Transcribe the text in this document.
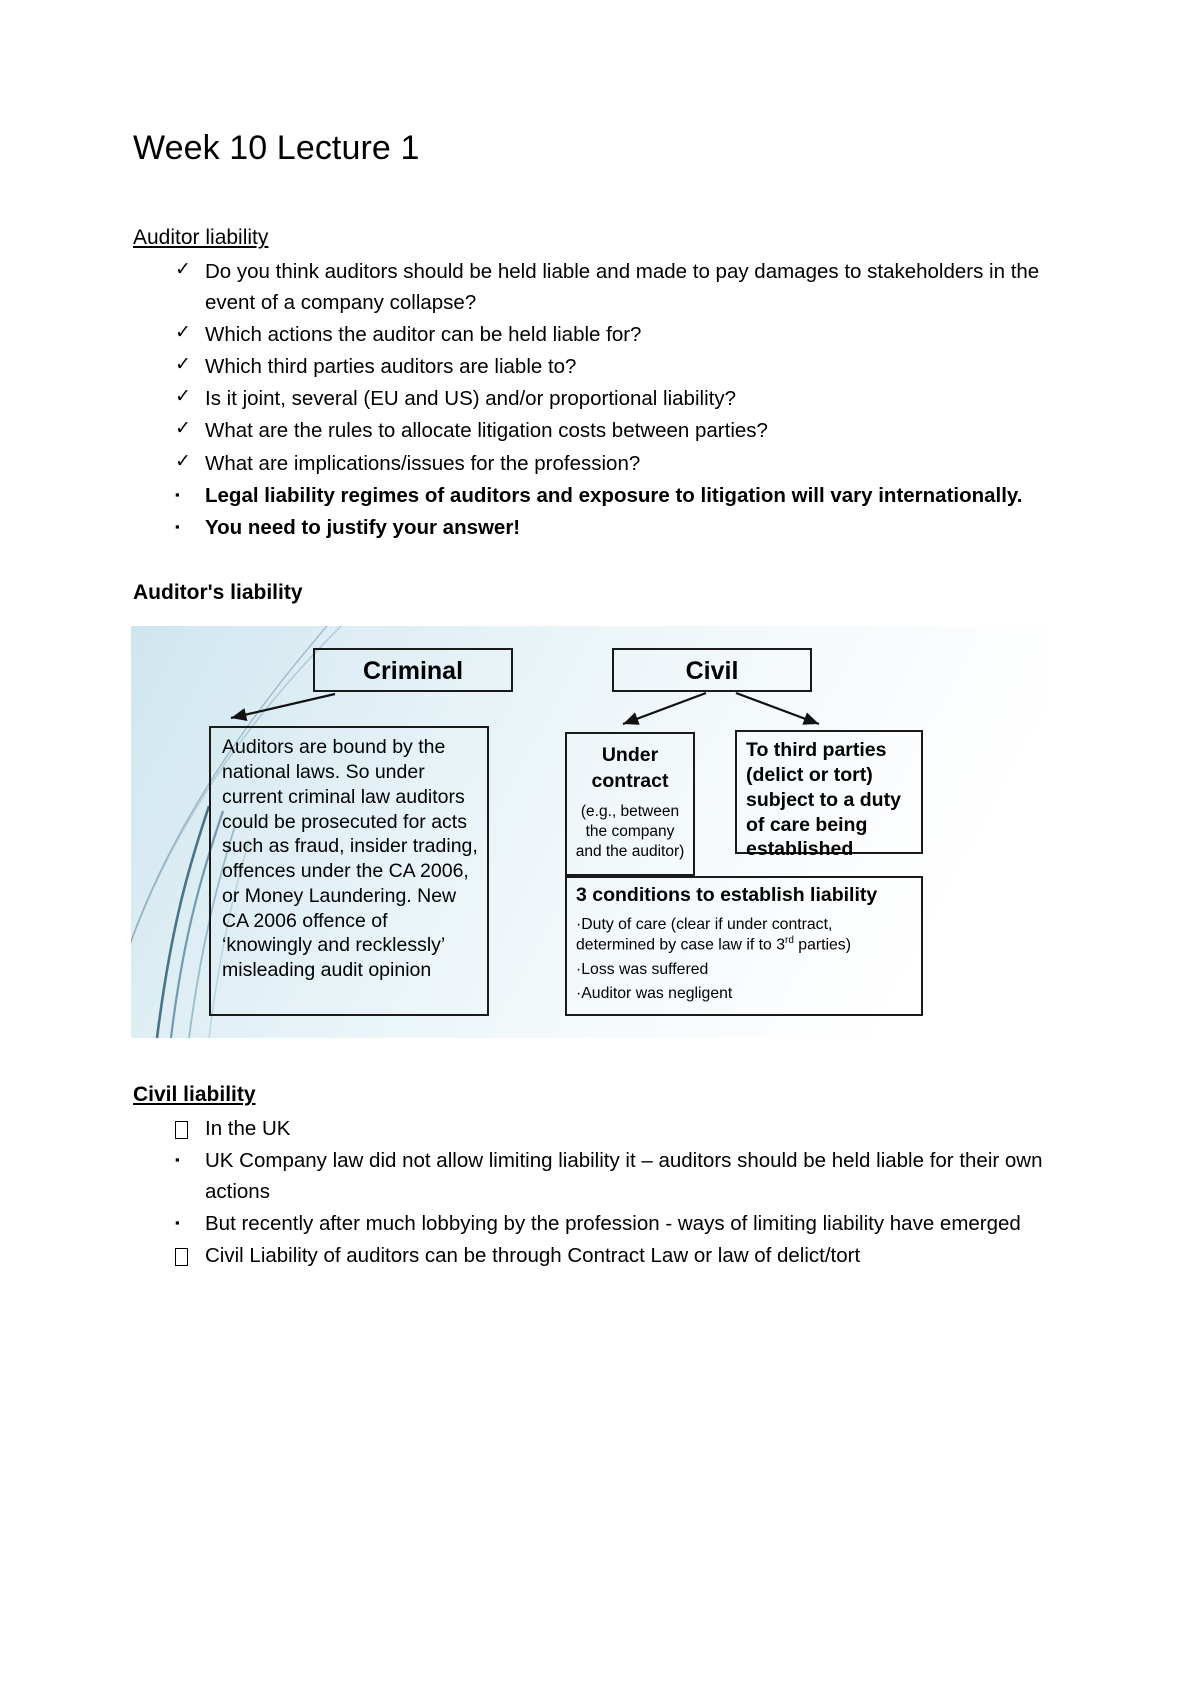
Week 10 Lecture 1
Auditor liability
✓ Do you think auditors should be held liable and made to pay damages to stakeholders in the event of a company collapse?
✓ Which actions the auditor can be held liable for?
✓ Which third parties auditors are liable to?
✓ Is it joint, several (EU and US) and/or proportional liability?
✓ What are the rules to allocate litigation costs between parties?
✓ What are implications/issues for the profession?
▪	Legal liability regimes of auditors and exposure to litigation will vary internationally.
▪	You need to justify your answer!
Auditor's liability
Criminal
Auditors are bound by the national laws. So under current criminal law auditors could be prosecuted for acts such as fraud, insider trading, offences under the CA 2006, or Money Laundering. New CA 2006 offence of ‘knowingly and recklessly’ misleading audit opinion
Civil
Under
contract
(e.g., between the company and the auditor)
To third parties (delict or tort) subject to a duty of care being established
3 conditions to establish liability
·Duty of care (clear if under contract,
determined by case law if to 3rd parties)
·Loss was suffered
·Auditor was negligent
Civil liability
In the UK
▪	UK Company law did not allow limiting liability it – auditors should be held liable for their own actions
▪	But recently after much lobbying by the profession - ways of limiting liability have emerged
Civil Liability of auditors can be through Contract Law or law of delict/tort
